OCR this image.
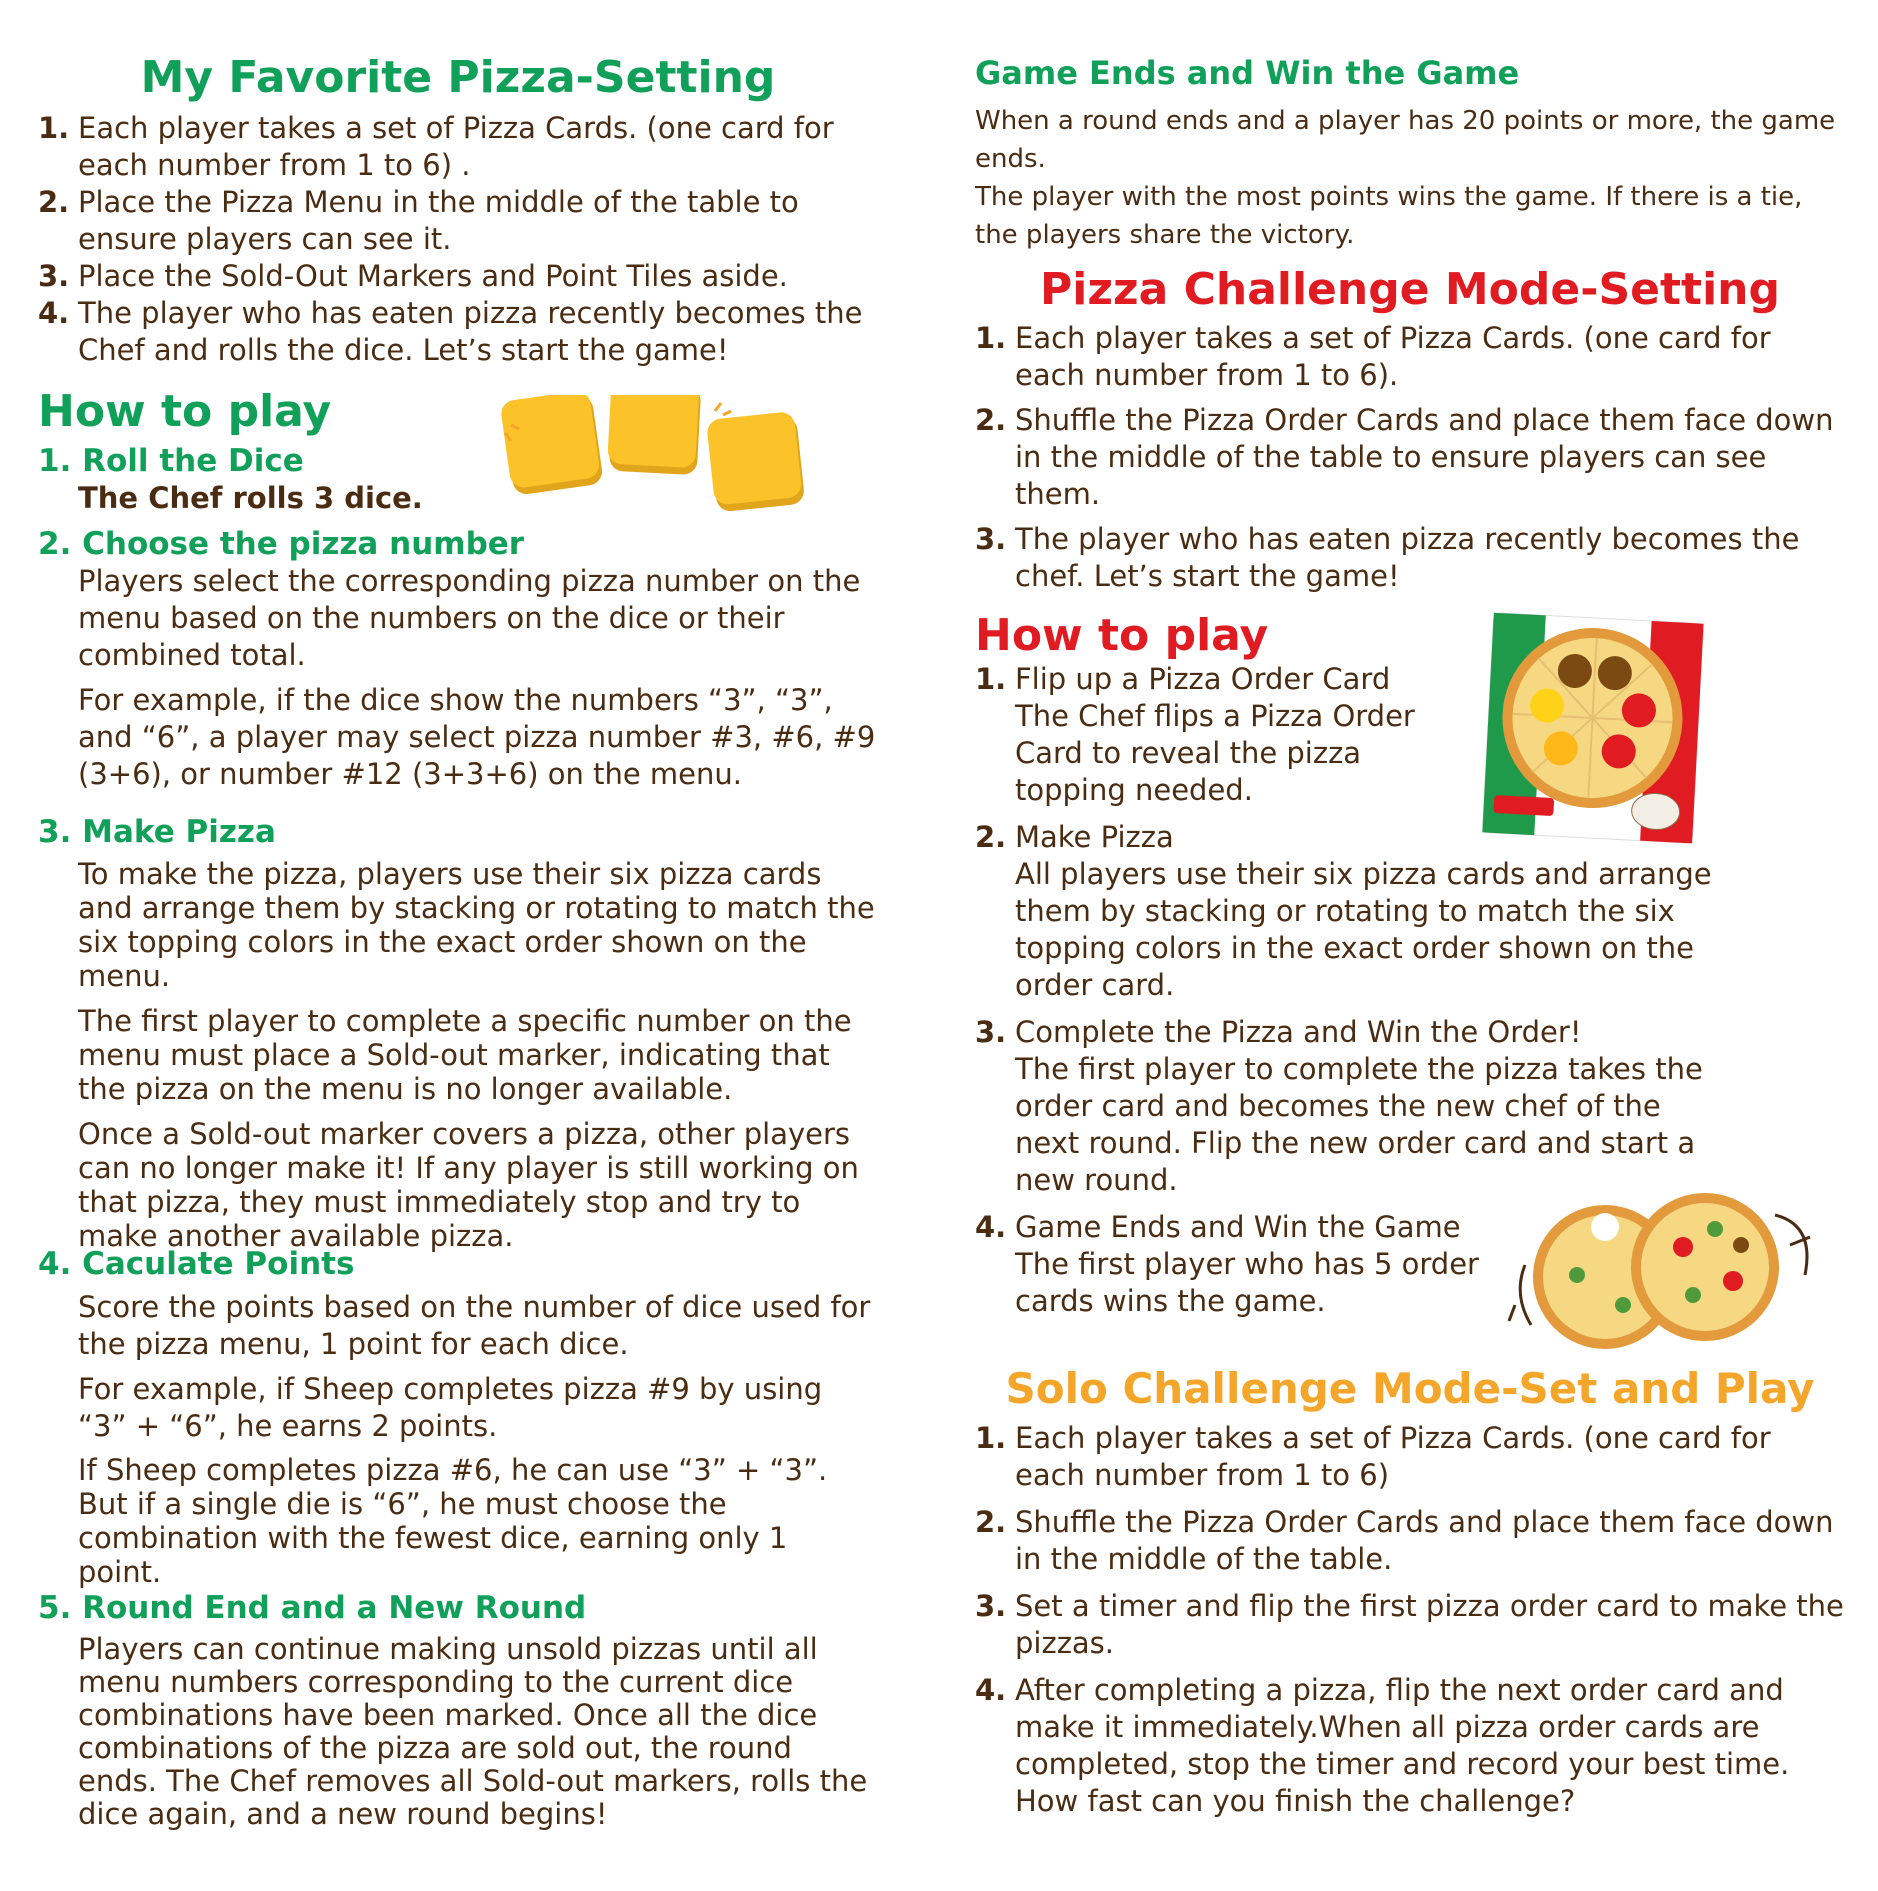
My Favorite Pizza-Setting
1. Each player takes a set of Pizza Cards. (one card for each number from 1 to 6) .
2. Place the Pizza Menu in the middle of the table to ensure players can see it.
3. Place the Sold-Out Markers and Point Tiles aside.
4. The player who has eaten pizza recently becomes the Chef and rolls the dice. Let’s start the game!
How to play

1. Roll the Dice

The Chef rolls 3 dice.

2. Choose the pizza number

Players select the corresponding pizza number on the menu based on the numbers on the dice or their combined total.

For example, if the dice show the numbers “3”, “3”, and “6”, a player may select pizza number #3, #6, #9 (3+6), or number #12 (3+3+6) on the menu.

3. Make Pizza

To make the pizza, players use their six pizza cards and arrange them by stacking or rotating to match the six topping colors in the exact order shown on the menu.

The first player to complete a specific number on the menu must place a Sold-out marker, indicating that the pizza on the menu is no longer available.

Once a Sold-out marker covers a pizza, other players can no longer make it! If any player is still working on that pizza, they must immediately stop and try to make another available pizza.

4. Caculate Points

Score the points based on the number of dice used for the pizza menu, 1 point for each dice.

For example, if Sheep completes pizza #9 by using “3” + “6”, he earns 2 points.

If Sheep completes pizza #6, he can use “3” + “3”. But if a single die is “6”, he must choose the combination with the fewest dice, earning only 1 point.

5. Round End and a New Round

Players can continue making unsold pizzas until all menu numbers corresponding to the current dice combinations have been marked. Once all the dice combinations of the pizza are sold out, the round ends. The Chef removes all Sold-out markers, rolls the dice again, and a new round begins!

Game Ends and Win the Game

When a round ends and a player has 20 points or more, the game ends.

The player with the most points wins the game. If there is a tie, the players share the victory.

Pizza Challenge Mode-Setting
1. Each player takes a set of Pizza Cards. (one card for each number from 1 to 6).
2. Shuffle the Pizza Order Cards and place them face down in the middle of the table to ensure players can see them.
3. The player who has eaten pizza recently becomes the chef. Let’s start the game!
How to play

1. Flip up a Pizza Order Card

The Chef flips a Pizza Order Card to reveal the pizza topping needed.

2. Make Pizza

All players use their six pizza cards and arrange them by stacking or rotating to match the six topping colors in the exact order shown on the order card.

3. Complete the Pizza and Win the Order!

The first player to complete the pizza takes the order card and becomes the new chef of the next round. Flip the new order card and start a new round.

4. Game Ends and Win the Game

The first player who has 5 order cards wins the game.

Solo Challenge Mode-Set and Play
1. Each player takes a set of Pizza Cards. (one card for each number from 1 to 6)
2. Shuffle the Pizza Order Cards and place them face down in the middle of the table.
3. Set a timer and flip the first pizza order card to make the pizzas.
4. After completing a pizza, flip the next order card and make it immediately.When all pizza order cards are completed, stop the timer and record your best time. How fast can you finish the challenge?
